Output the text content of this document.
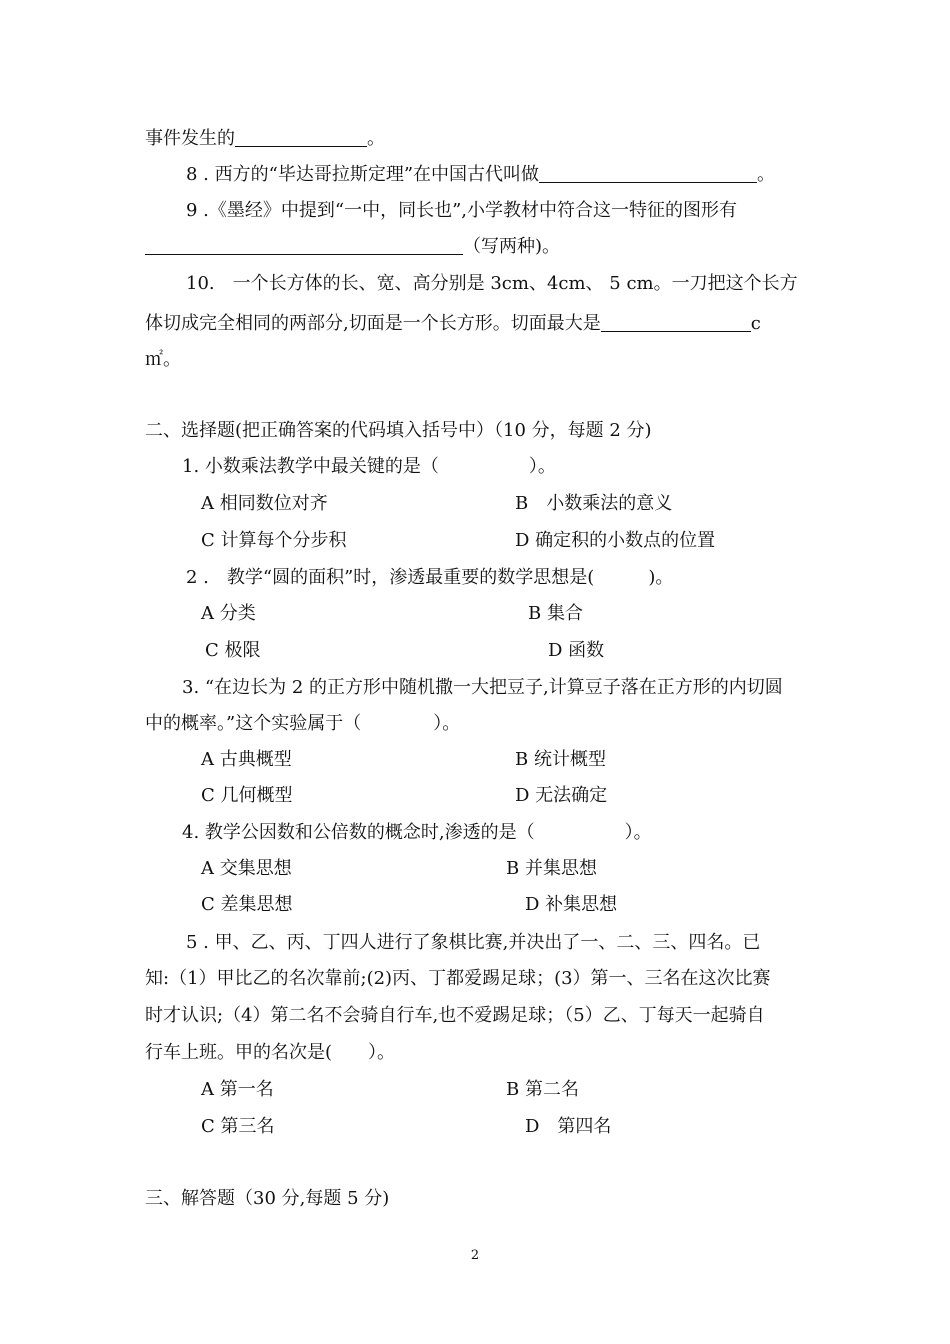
事件发生的	。
8 . 西方的“毕达哥拉斯定理”在中国古代叫做	。
9 .《墨经》中提到“一中，同长也”,小学教材中符合这一特征的图形有
（写两种)。
10.　一个长方体的长、宽、高分别是 3cm、4cm、 5 cm。一刀把这个长方
体切成完全相同的两部分,切面是一个长方形。切面最大是	c
㎡。
二、选择题(把正确答案的代码填入括号中）（10 分，每题 2 分)
1. 小数乘法教学中最关键的是（　　　　　）。
A 相同数位对齐	B　小数乘法的意义
C 计算每个分步积	D 确定积的小数点的位置
2 .　教学“圆的面积”时，渗透最重要的数学思想是(　　　)。
A 分类	B 集合
C 极限	D 函数
3. “在边长为 2 的正方形中随机撒一大把豆子,计算豆子落在正方形的内切圆
中的概率。”这个实验属于（　　　　）。
A 古典概型	B 统计概型
C 几何概型	D 无法确定
4. 教学公因数和公倍数的概念时,渗透的是（　　　　　）。
A 交集思想	B 并集思想
C 差集思想	D 补集思想
5 . 甲、乙、丙、丁四人进行了象棋比赛,并决出了一、二、三、四名。已
知:（1）甲比乙的名次靠前;(2)丙、丁都爱踢足球；(3）第一、三名在这次比赛
时才认识;（4）第二名不会骑自行车,也不爱踢足球；（5）乙、丁每天一起骑自
行车上班。甲的名次是(　　）。
A 第一名	B 第二名
C 第三名	D　第四名
三、解答题（30 分,每题 5 分)
2
